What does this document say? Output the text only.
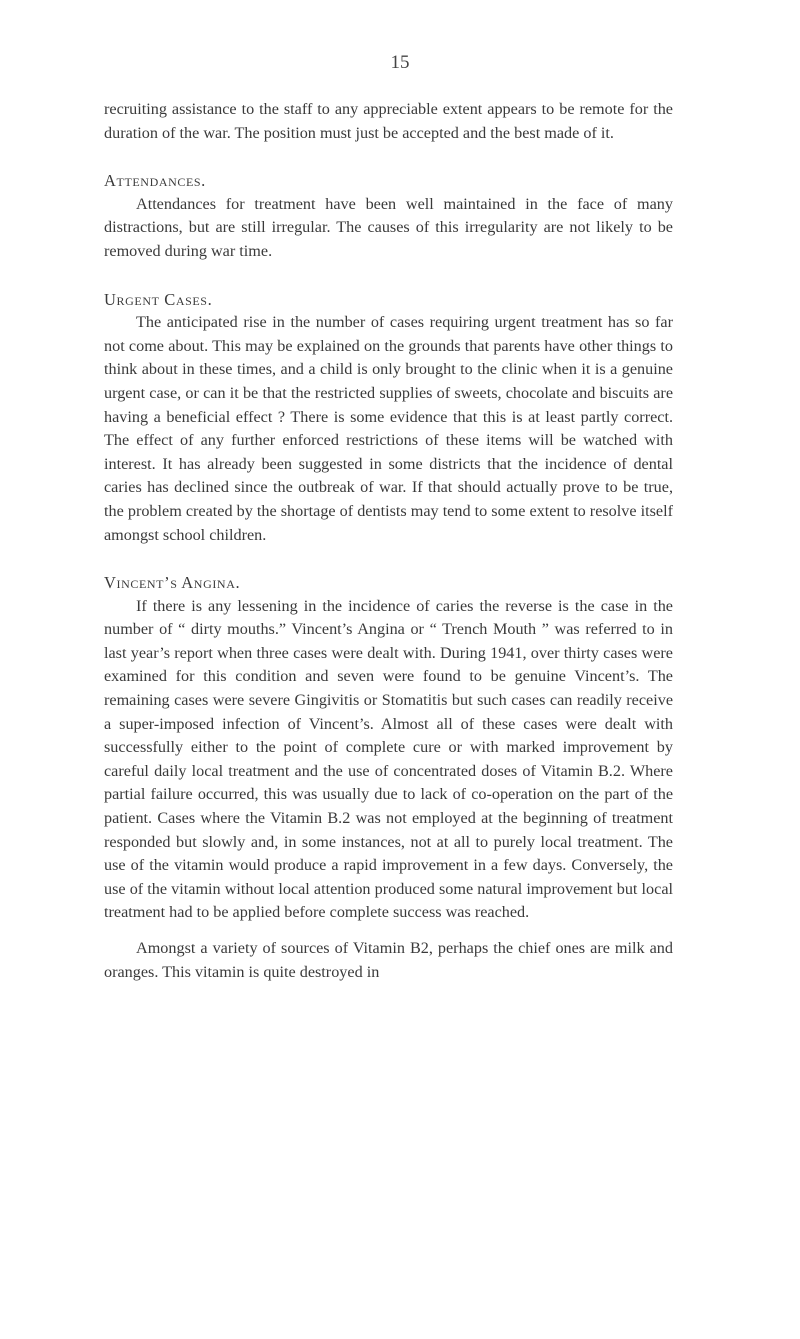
15

recruiting assistance to the staff to any appreciable extent appears to be remote for the duration of the war. The position must just be accepted and the best made of it.

Attendances.

Attendances for treatment have been well maintained in the face of many distractions, but are still irregular. The causes of this irregularity are not likely to be removed during war time.

Urgent Cases.

The anticipated rise in the number of cases requiring urgent treatment has so far not come about. This may be explained on the grounds that parents have other things to think about in these times, and a child is only brought to the clinic when it is a genuine urgent case, or can it be that the restricted supplies of sweets, chocolate and biscuits are having a beneficial effect ? There is some evidence that this is at least partly correct. The effect of any further enforced restrictions of these items will be watched with interest. It has already been suggested in some districts that the incidence of dental caries has declined since the outbreak of war. If that should actually prove to be true, the problem created by the shortage of dentists may tend to some extent to resolve itself amongst school children.

Vincent’s Angina.

If there is any lessening in the incidence of caries the reverse is the case in the number of “ dirty mouths.” Vincent’s Angina or “ Trench Mouth ” was referred to in last year’s report when three cases were dealt with. During 1941, over thirty cases were examined for this condition and seven were found to be genuine Vincent’s. The remaining cases were severe Gingivitis or Stomatitis but such cases can readily receive a super-imposed infection of Vincent’s. Almost all of these cases were dealt with successfully either to the point of complete cure or with marked improvement by careful daily local treatment and the use of concentrated doses of Vitamin B.2. Where partial failure occurred, this was usually due to lack of co-operation on the part of the patient. Cases where the Vitamin B.2 was not employed at the beginning of treatment responded but slowly and, in some instances, not at all to purely local treatment. The use of the vitamin would produce a rapid improvement in a few days. Conversely, the use of the vitamin without local attention produced some natural improvement but local treatment had to be applied before complete success was reached.

Amongst a variety of sources of Vitamin B2, perhaps the chief ones are milk and oranges. This vitamin is quite destroyed in
